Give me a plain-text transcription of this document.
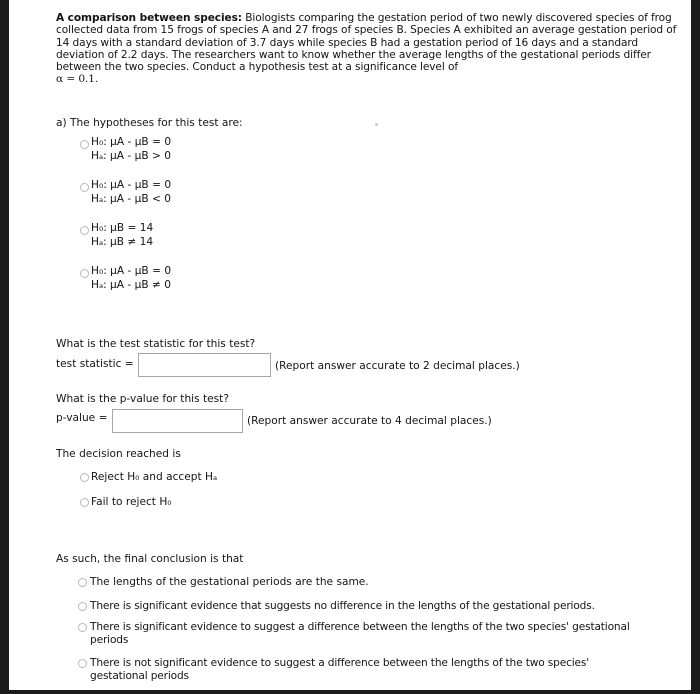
A comparison between species: Biologists comparing the gestation period of two newly discovered species of frog collected data from 15 frogs of species A and 27 frogs of species B. Species A exhibited an average gestation period of 14 days with a standard deviation of 3.7 days while species B had a gestation period of 16 days and a standard deviation of 2.2 days. The researchers want to know whether the average lengths of the gestational periods differ between the two species. Conduct a hypothesis test at a significance level of
α = 0.1.
a) The hypotheses for this test are:
H₀: μA - μB = 0
Hₐ: μA - μB > 0
H₀: μA - μB = 0
Hₐ: μA - μB < 0
H₀: μB = 14
Hₐ: μB ≠ 14
H₀: μA - μB = 0
Hₐ: μA - μB ≠ 0
What is the test statistic for this test?
test statistic =	(Report answer accurate to 2 decimal places.)
What is the p-value for this test?
p-value =	(Report answer accurate to 4 decimal places.)
The decision reached is
Reject H₀ and accept Hₐ
Fail to reject H₀
As such, the final conclusion is that
The lengths of the gestational periods are the same.
There is significant evidence that suggests no difference in the lengths of the gestational periods.
There is significant evidence to suggest a difference between the lengths of the two species' gestational periods
There is not significant evidence to suggest a difference between the lengths of the two species' gestational periods
